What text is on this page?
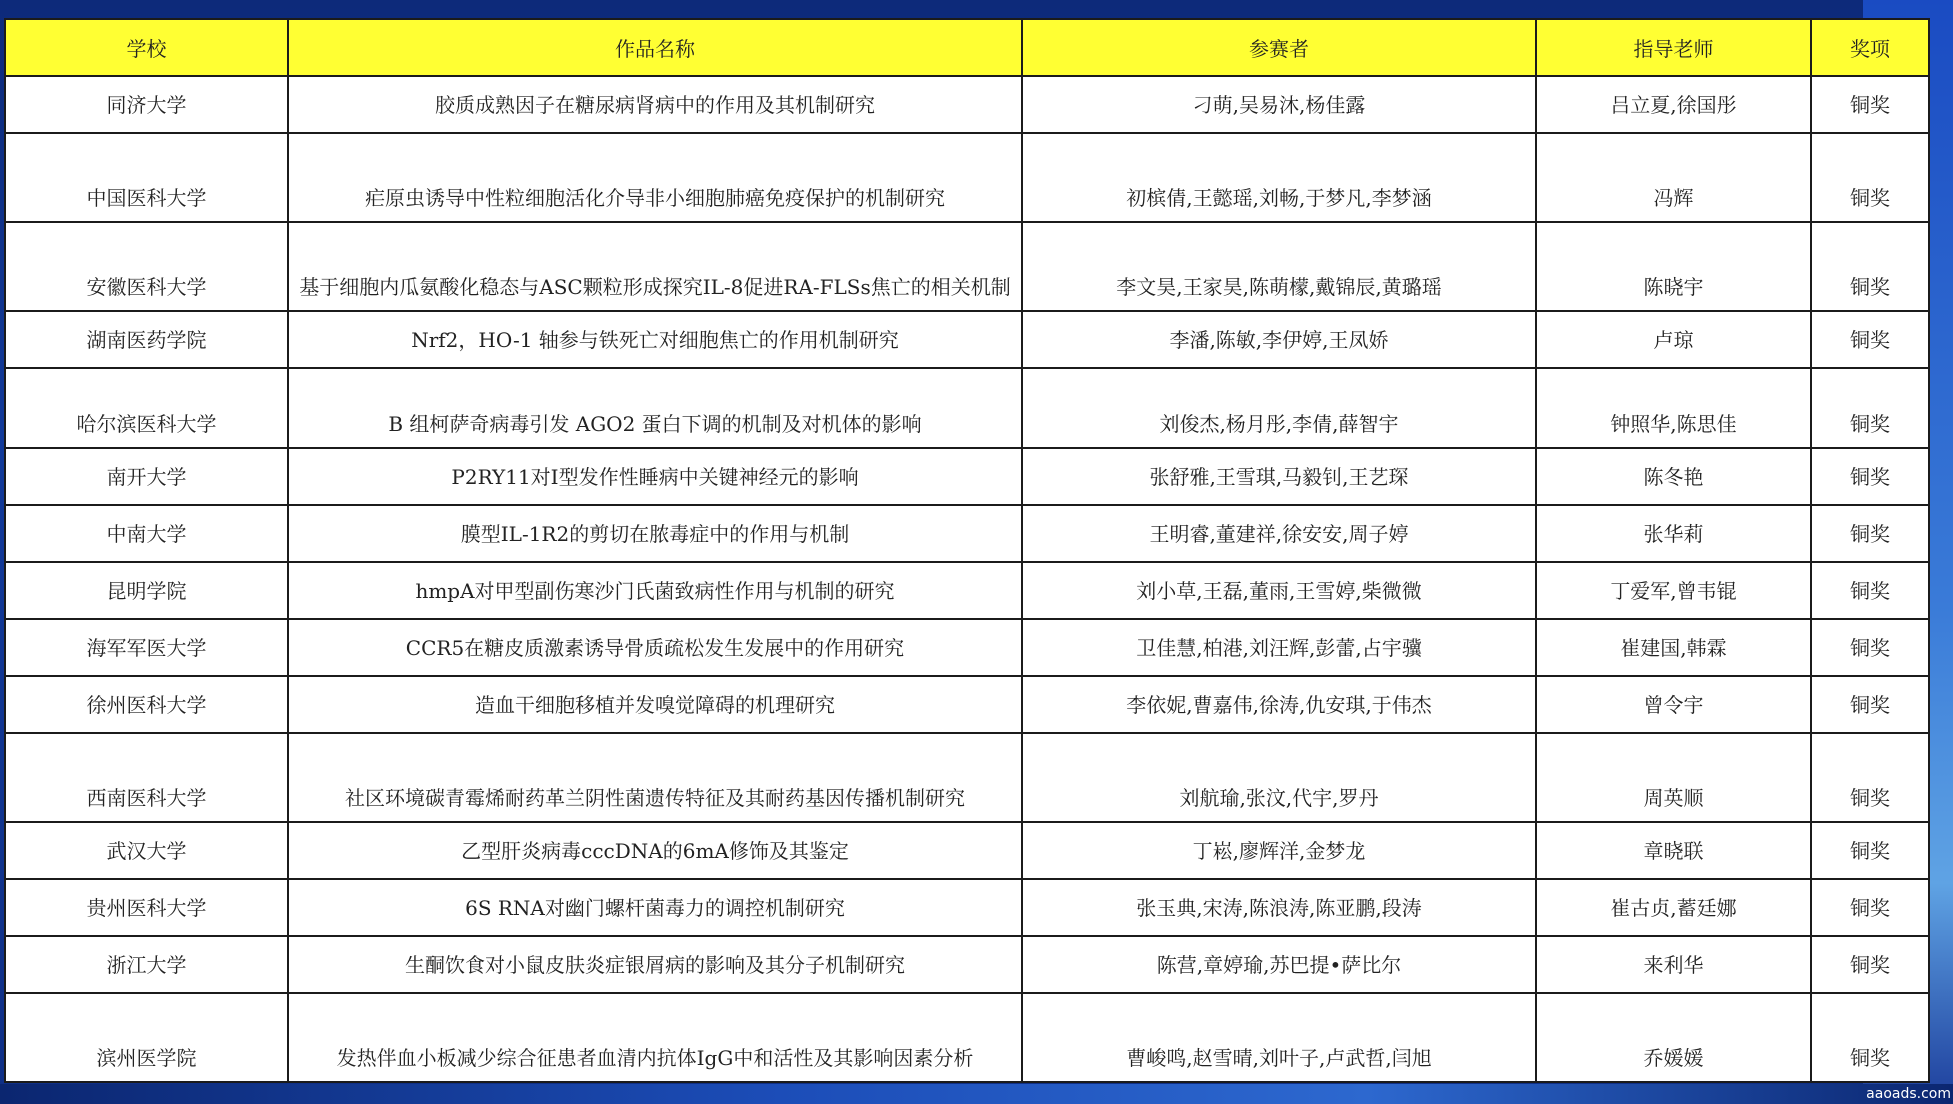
学校	作品名称	参赛者	指导老师	奖项
同济大学	胶质成熟因子在糖尿病肾病中的作用及其机制研究	刁萌,吴易沐,杨佳露	吕立夏,徐国彤	铜奖
中国医科大学	疟原虫诱导中性粒细胞活化介导非小细胞肺癌免疫保护的机制研究	初槟倩,王懿瑶,刘畅,于梦凡,李梦涵	冯辉	铜奖
安徽医科大学	基于细胞内瓜氨酸化稳态与ASC颗粒形成探究IL-8促进RA-FLSs焦亡的相关机制	李文昊,王家昊,陈萌檬,戴锦辰,黄璐瑶	陈晓宇	铜奖
湖南医药学院	Nrf2，HO-1 轴参与铁死亡对细胞焦亡的作用机制研究	李潘,陈敏,李伊婷,王凤娇	卢琼	铜奖
哈尔滨医科大学	B 组柯萨奇病毒引发 AGO2 蛋白下调的机制及对机体的影响	刘俊杰,杨月彤,李倩,薛智宇	钟照华,陈思佳	铜奖
南开大学	P2RY11对I型发作性睡病中关键神经元的影响	张舒雅,王雪琪,马毅钊,王艺琛	陈冬艳	铜奖
中南大学	膜型IL-1R2的剪切在脓毒症中的作用与机制	王明睿,董建祥,徐安安,周子婷	张华莉	铜奖
昆明学院	hmpA对甲型副伤寒沙门氏菌致病性作用与机制的研究	刘小草,王磊,董雨,王雪婷,柴微微	丁爱军,曾韦锟	铜奖
海军军医大学	CCR5在糖皮质激素诱导骨质疏松发生发展中的作用研究	卫佳慧,柏港,刘汪辉,彭蕾,占宇骥	崔建国,韩霖	铜奖
徐州医科大学	造血干细胞移植并发嗅觉障碍的机理研究	李依妮,曹嘉伟,徐涛,仇安琪,于伟杰	曾令宇	铜奖
西南医科大学	社区环境碳青霉烯耐药革兰阴性菌遗传特征及其耐药基因传播机制研究	刘航瑜,张汶,代宇,罗丹	周英顺	铜奖
武汉大学	乙型肝炎病毒cccDNA的6mA修饰及其鉴定	丁崧,廖辉洋,金梦龙	章晓联	铜奖
贵州医科大学	6S RNA对幽门螺杆菌毒力的调控机制研究	张玉典,宋涛,陈浪涛,陈亚鹏,段涛	崔古贞,蓄廷娜	铜奖
浙江大学	生酮饮食对小鼠皮肤炎症银屑病的影响及其分子机制研究	陈营,章婷瑜,苏巴提•萨比尔	来利华	铜奖
滨州医学院	发热伴血小板减少综合征患者血清内抗体IgG中和活性及其影响因素分析	曹峻鸣,赵雪晴,刘叶子,卢武哲,闫旭	乔媛媛	铜奖
aaoads.com
